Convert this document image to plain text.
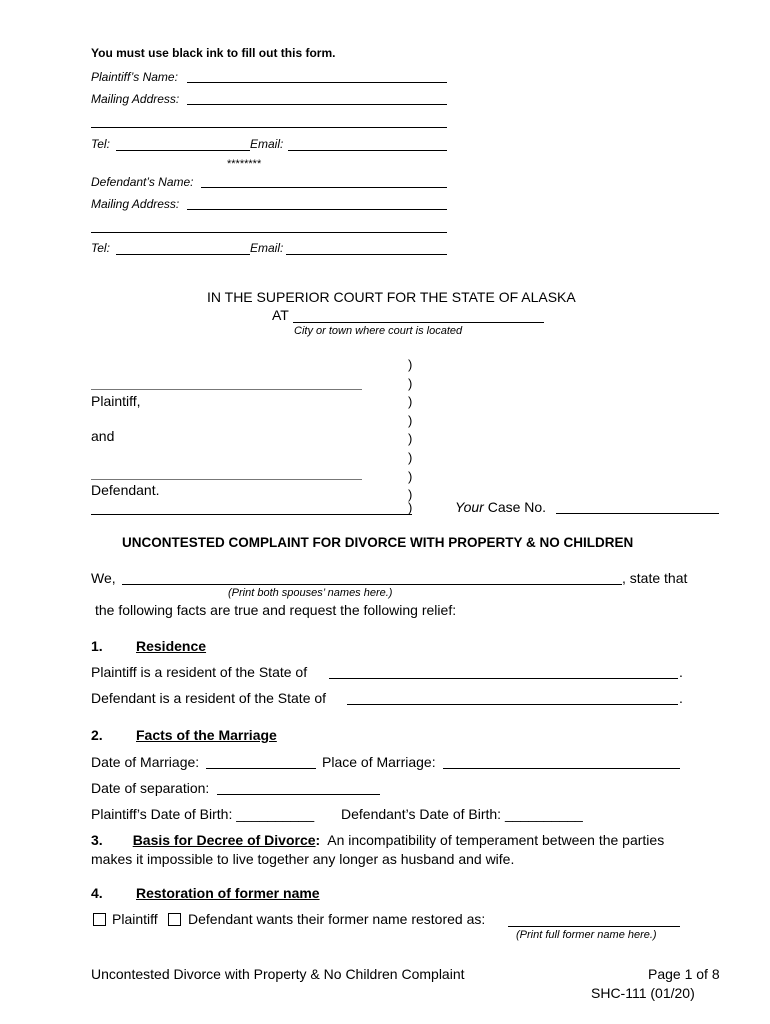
You must use black ink to fill out this form.
Plaintiff’s Name:
Mailing Address:
Tel:	Email:
********
Defendant’s Name:
Mailing Address:
Tel:	Email:
IN THE SUPERIOR COURT FOR THE STATE OF ALASKA
AT
City or town where court is located
Plaintiff,
and
Defendant.
)
)
)
)
)
)
)
)
)	Your Case No.
UNCONTESTED COMPLAINT FOR DIVORCE WITH PROPERTY & NO CHILDREN
We,	, state that
(Print both spouses’ names here.)
the following facts are true and request the following relief:
1. Residence
Plaintiff is a resident of the State of	.
Defendant is a resident of the State of	.
2. Facts of the Marriage
Date of Marriage:	Place of Marriage:
Date of separation:
Plaintiff’s Date of Birth: __________ Defendant’s Date of Birth: __________
3. Basis for Decree of Divorce: An incompatibility of temperament between the parties
makes it impossible to live together any longer as husband and wife.
4. Restoration of former name
Plaintiff Defendant wants their former name restored as:
(Print full former name here.)
Uncontested Divorce with Property & No Children Complaint	Page 1 of 8
SHC-111 (01/20)
